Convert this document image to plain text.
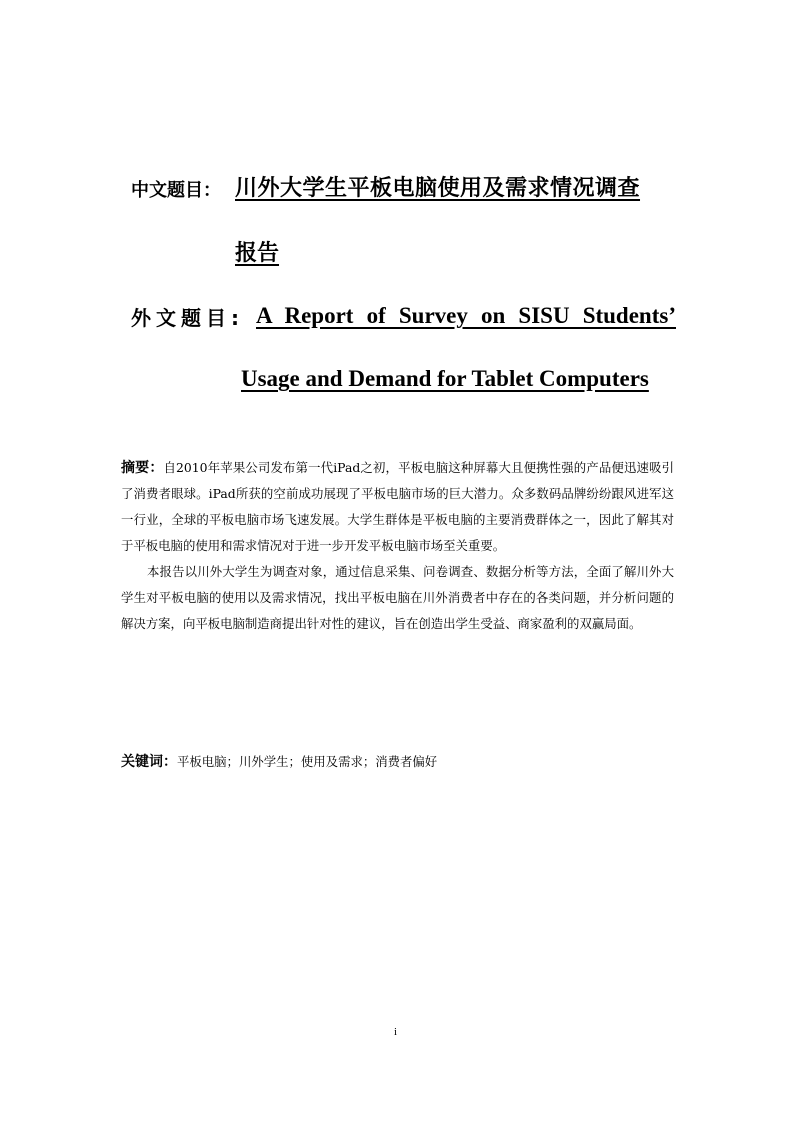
中文题目： 川外大学生平板电脑使用及需求情况调查
报告
外文题目: A Report of Survey on SISU Students’
Usage and Demand for Tablet Computers

摘要：自2010年苹果公司发布第一代iPad之初，平板电脑这种屏幕大且便携性强的产品便迅速吸引了消费者眼球。iPad所获的空前成功展现了平板电脑市场的巨大潜力。众多数码品牌纷纷跟风进军这一行业，全球的平板电脑市场飞速发展。大学生群体是平板电脑的主要消费群体之一，因此了解其对于平板电脑的使用和需求情况对于进一步开发平板电脑市场至关重要。

本报告以川外大学生为调查对象，通过信息采集、问卷调查、数据分析等方法，全面了解川外大学生对平板电脑的使用以及需求情况，找出平板电脑在川外消费者中存在的各类问题，并分析问题的解决方案，向平板电脑制造商提出针对性的建议，旨在创造出学生受益、商家盈利的双赢局面。

关键词：平板电脑；川外学生；使用及需求；消费者偏好
i
